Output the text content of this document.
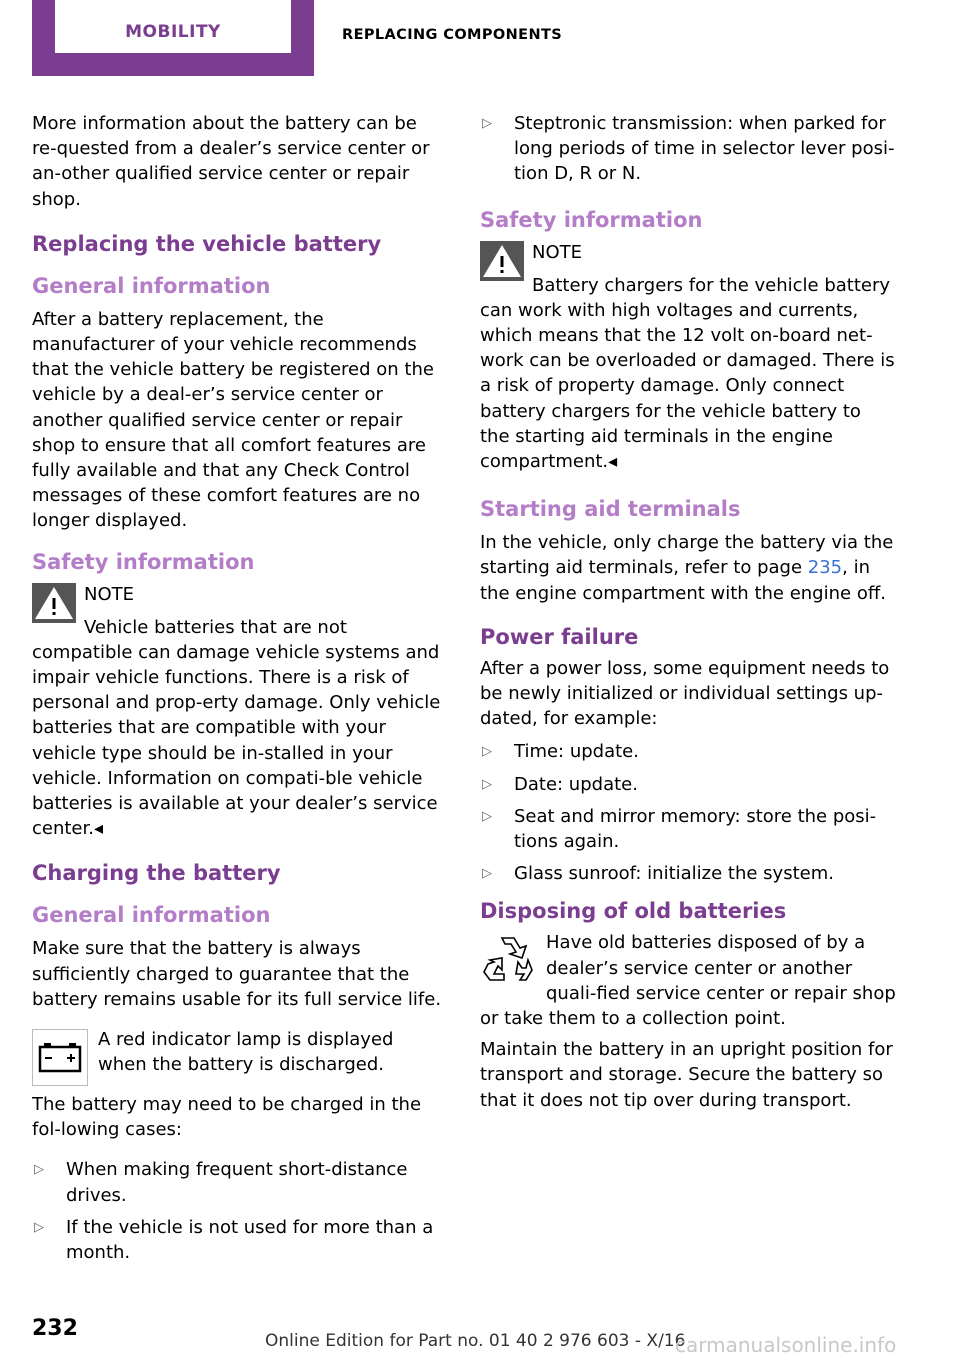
MOBILITY	REPLACING COMPONENTS

More information about the battery can be re‐quested from a dealer’s service center or an‐other qualified service center or repair shop.

Replacing the vehicle battery
General information

After a battery replacement, the manufacturer of your vehicle recommends that the vehicle battery be registered on the vehicle by a deal‐er’s service center or another qualified service center or repair shop to ensure that all comfort features are fully available and that any Check Control messages of these comfort features are no longer displayed.

Safety information
NOTE

Vehicle batteries that are not compatible can damage vehicle systems and impair vehicle functions. There is a risk of personal and prop‐erty damage. Only vehicle batteries that are compatible with your vehicle type should be in‐stalled in your vehicle. Information on compati‐ble vehicle batteries is available at your dealer’s service center.◂

Charging the battery
General information

Make sure that the battery is always sufficiently charged to guarantee that the battery remains usable for its full service life.

A red indicator lamp is displayed when the battery is discharged.

The battery may need to be charged in the fol‐lowing cases:

▷ When making frequent short-distance drives.
▷ If the vehicle is not used for more than a month.
▷ Steptronic transmission: when parked for long periods of time in selector lever posi‐tion D, R or N.
Safety information
NOTE

Battery chargers for the vehicle battery can work with high voltages and currents, which means that the 12 volt on-board net‐work can be overloaded or damaged. There is a risk of property damage. Only connect battery chargers for the vehicle battery to the starting aid terminals in the engine compartment.◂

Starting aid terminals

In the vehicle, only charge the battery via the starting aid terminals, refer to page 235, in the engine compartment with the engine off.

Power failure

After a power loss, some equipment needs to be newly initialized or individual settings up‐dated, for example:

▷ Time: update.
▷ Date: update.
▷ Seat and mirror memory: store the posi‐tions again.
▷ Glass sunroof: initialize the system.
Disposing of old batteries

Have old batteries disposed of by a dealer’s service center or another quali‐fied service center or repair shop or take them to a collection point.

Maintain the battery in an upright position for transport and storage. Secure the battery so that it does not tip over during transport.

232	Online Edition for Part no. 01 40 2 976 603 - X/16
carmanualsonline.info
